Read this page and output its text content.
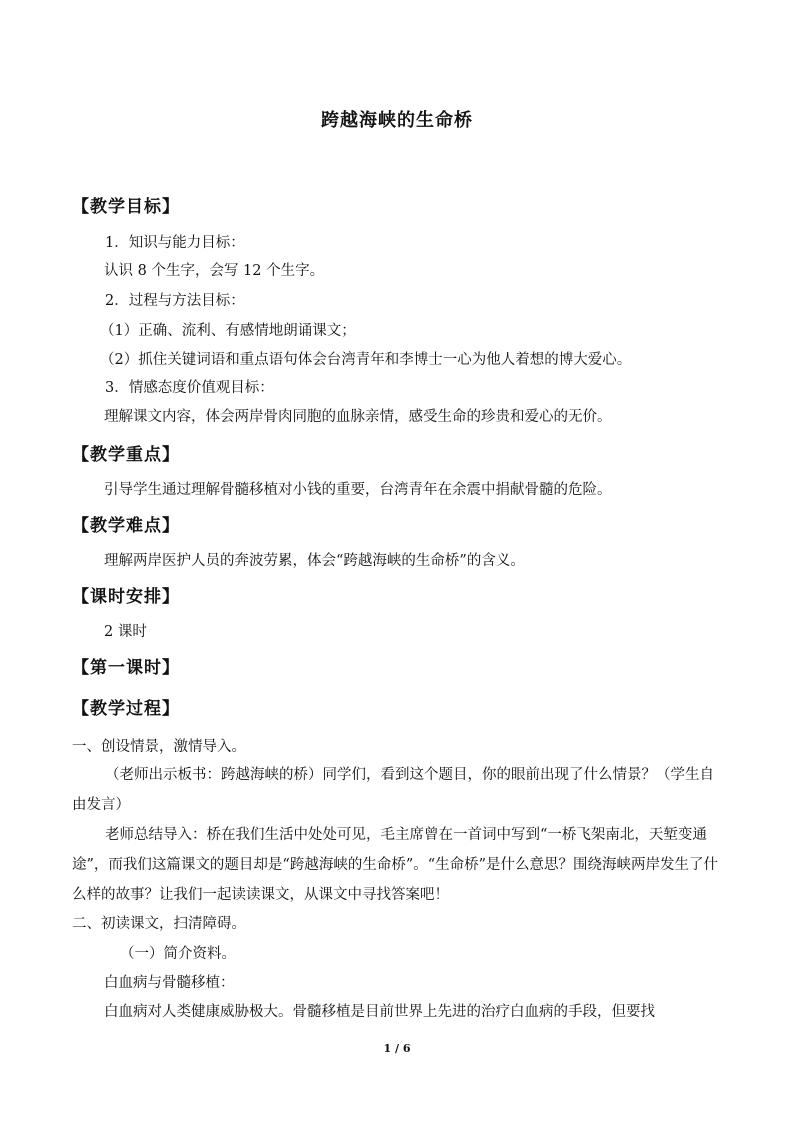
跨越海峡的生命桥
【教学目标】
1．知识与能力目标：
认识 8 个生字，会写 12 个生字。
2．过程与方法目标：
（1）正确、流利、有感情地朗诵课文；
（2）抓住关键词语和重点语句体会台湾青年和李博士一心为他人着想的博大爱心。
3．情感态度价值观目标：
理解课文内容，体会两岸骨肉同胞的血脉亲情，感受生命的珍贵和爱心的无价。
【教学重点】
引导学生通过理解骨髓移植对小钱的重要，台湾青年在余震中捐献骨髓的危险。
【教学难点】
理解两岸医护人员的奔波劳累，体会“跨越海峡的生命桥”的含义。
【课时安排】
2 课时
【第一课时】
【教学过程】
一、创设情景，激情导入。
（老师出示板书：跨越海峡的桥）同学们，看到这个题目，你的眼前出现了什么情景？（学生自由发言）
老师总结导入：桥在我们生活中处处可见，毛主席曾在一首词中写到“一桥飞架南北，天堑变通途”，而我们这篇课文的题目却是“跨越海峡的生命桥”。“生命桥”是什么意思？围绕海峡两岸发生了什么样的故事？让我们一起读读课文，从课文中寻找答案吧！
二、初读课文，扫清障碍。
（一）简介资料。
白血病与骨髓移植：
白血病对人类健康威胁极大。骨髓移植是目前世界上先进的治疗白血病的手段，但要找
1 / 6
